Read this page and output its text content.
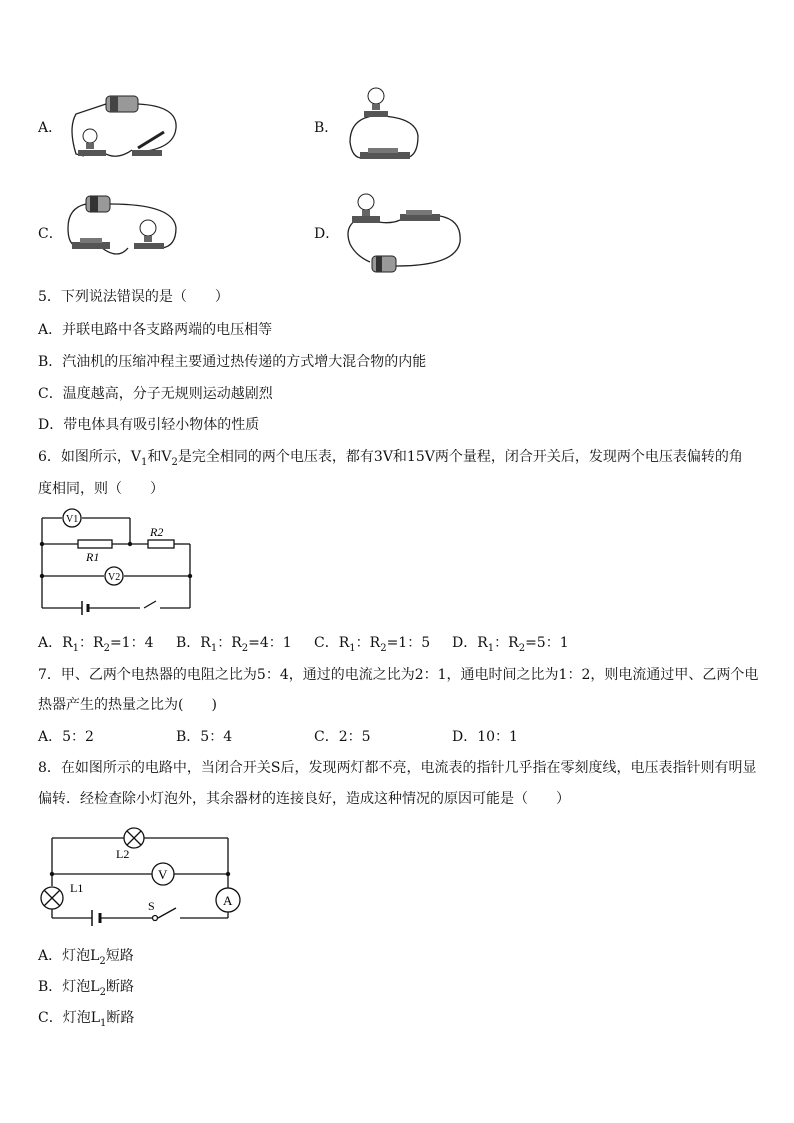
A．	B．
C．	D．
5．下列说法错误的是（　　）
A．并联电路中各支路两端的电压相等
B．汽油机的压缩冲程主要通过热传递的方式增大混合物的内能
C．温度越高，分子无规则运动越剧烈
D．带电体具有吸引轻小物体的性质
6．如图所示，$V_1$和$V_2$是完全相同的两个电压表，都有3V和15V两个量程，闭合开关后，发现两个电压表偏转的角
度相同，则（　　）
V1
V2
R1
R2
A．$R_1$：$R_2=1$：4 B．$R_1$：$R_2=4$：1 C．$R_1$：$R_2=1$：5 D．$R_1$：$R_2=5$：1
7．甲、乙两个电热器的电阻之比为5：4，通过的电流之比为2：1，通电时间之比为1：2，则电流通过甲、乙两个电
热器产生的热量之比为(　　)
A．5：2	B．5：4	C．2：5	D．10：1
8．在如图所示的电路中，当闭合开关S后，发现两灯都不亮，电流表的指针几乎指在零刻度线，电压表指针则有明显
偏转．经检查除小灯泡外，其余器材的连接良好，造成这种情况的原因可能是（　　）
V
A
L2
L1
S
A．灯泡$L_2$短路
B．灯泡$L_2$断路
C．灯泡$L_1$断路
